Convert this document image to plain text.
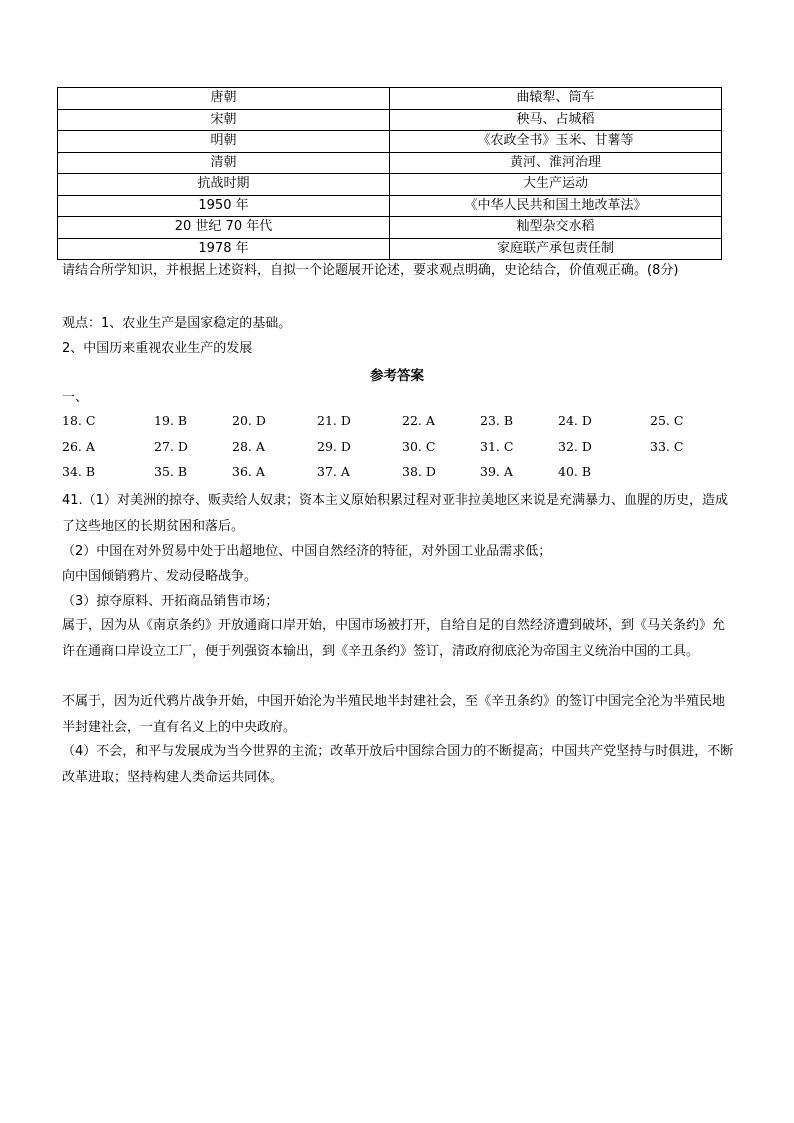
唐朝	曲辕犁、筒车
宋朝	秧马、占城稻
明朝	《农政全书》玉米、甘薯等
清朝	黄河、淮河治理
抗战时期	大生产运动
1950 年	《中华人民共和国土地改革法》
20 世纪 70 年代	籼型杂交水稻
1978 年	家庭联产承包责任制
请结合所学知识，并根据上述资料，自拟一个论题展开论述，要求观点明确，史论结合，价值观正确。(8分)
观点：1、农业生产是国家稳定的基础。
2、中国历来重视农业生产的发展
参考答案
一、
18. C	19. B	20. D	21. D	22. A	23. B	24. D	25. C
26. A	27. D	28. A	29. D	30. C	31. C	32. D	33. C
34. B	35. B	36. A	37. A	38. D	39. A	40. B
41.（1）对美洲的掠夺、贩卖给人奴隶；资本主义原始积累过程对亚非拉美地区来说是充满暴力、血腥的历史，造成了这些地区的长期贫困和落后。
（2）中国在对外贸易中处于出超地位、中国自然经济的特征，对外国工业品需求低；
向中国倾销鸦片、发动侵略战争。
（3）掠夺原料、开拓商品销售市场；
属于，因为从《南京条约》开放通商口岸开始，中国市场被打开，自给自足的自然经济遭到破坏，到《马关条约》允许在通商口岸设立工厂，便于列强资本输出，到《辛丑条约》签订，清政府彻底沦为帝国主义统治中国的工具。
不属于，因为近代鸦片战争开始，中国开始沦为半殖民地半封建社会，至《辛丑条约》的签订中国完全沦为半殖民地半封建社会，一直有名义上的中央政府。
（4）不会，和平与发展成为当今世界的主流；改革开放后中国综合国力的不断提高；中国共产党坚持与时俱进，不断改革进取；坚持构建人类命运共同体。
